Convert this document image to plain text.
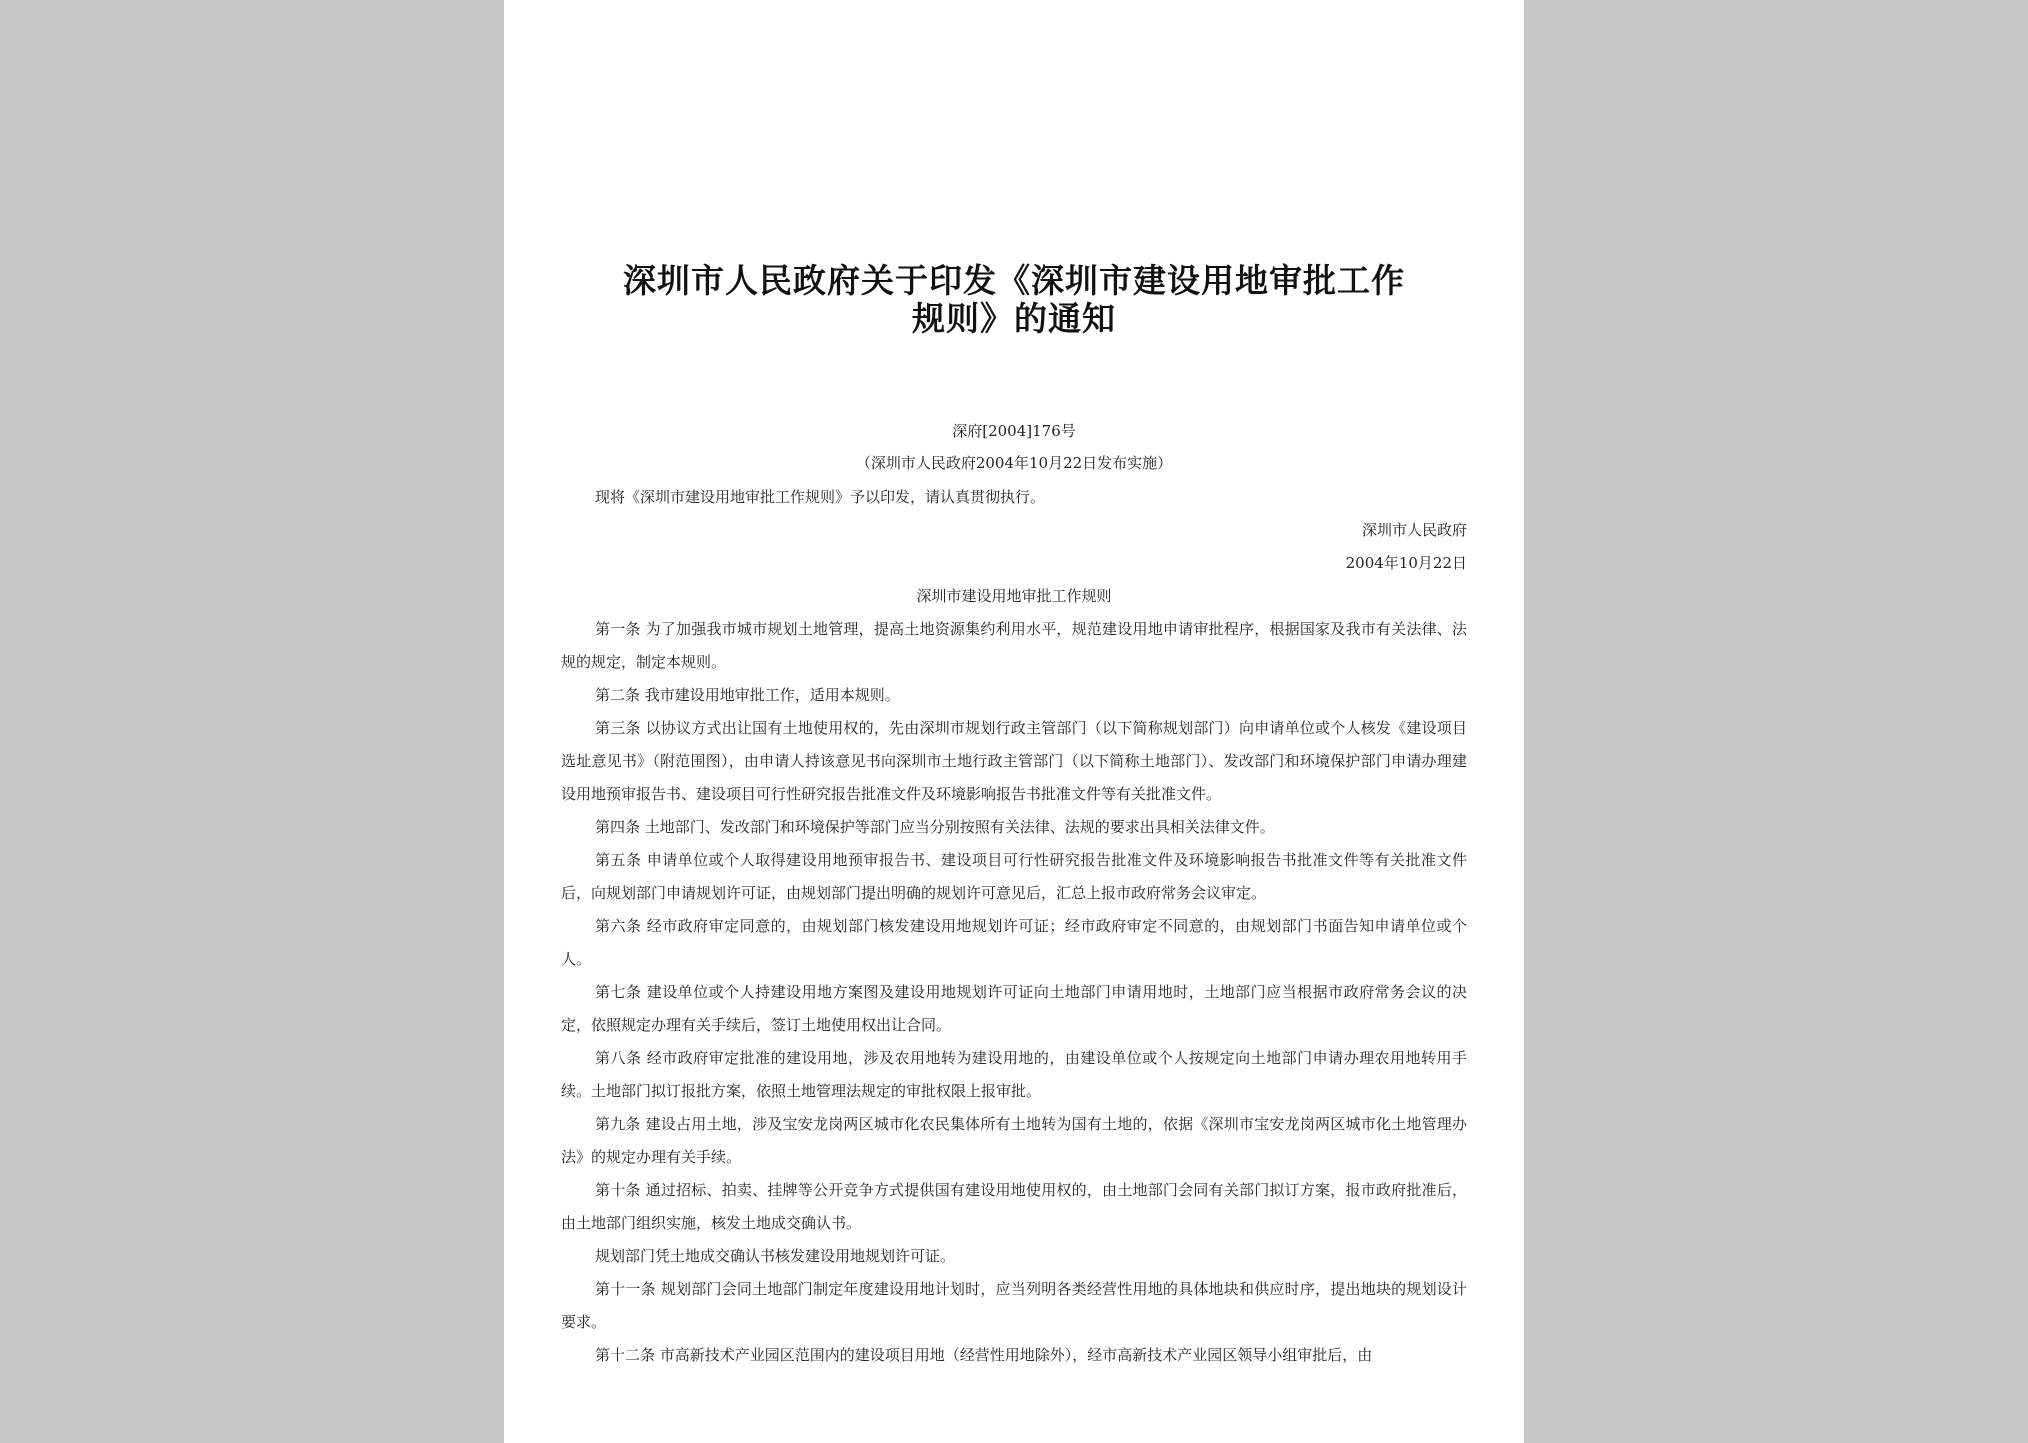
深圳市人民政府关于印发《深圳市建设用地审批工作
规则》的通知
深府[2004]176号
（深圳市人民政府2004年10月22日发布实施）
现将《深圳市建设用地审批工作规则》予以印发，请认真贯彻执行。
深圳市人民政府
2004年10月22日
深圳市建设用地审批工作规则
第一条 为了加强我市城市规划土地管理，提高土地资源集约利用水平，规范建设用地申请审批程序，根据国家及我市有关法律、法规的规定，制定本规则。
第二条 我市建设用地审批工作，适用本规则。
第三条 以协议方式出让国有土地使用权的，先由深圳市规划行政主管部门（以下简称规划部门）向申请单位或个人核发《建设项目选址意见书》（附范围图），由申请人持该意见书向深圳市土地行政主管部门（以下简称土地部门）、发改部门和环境保护部门申请办理建设用地预审报告书、建设项目可行性研究报告批准文件及环境影响报告书批准文件等有关批准文件。
第四条 土地部门、发改部门和环境保护等部门应当分别按照有关法律、法规的要求出具相关法律文件。
第五条 申请单位或个人取得建设用地预审报告书、建设项目可行性研究报告批准文件及环境影响报告书批准文件等有关批准文件后，向规划部门申请规划许可证，由规划部门提出明确的规划许可意见后，汇总上报市政府常务会议审定。
第六条 经市政府审定同意的，由规划部门核发建设用地规划许可证；经市政府审定不同意的，由规划部门书面告知申请单位或个人。
第七条 建设单位或个人持建设用地方案图及建设用地规划许可证向土地部门申请用地时，土地部门应当根据市政府常务会议的决定，依照规定办理有关手续后，签订土地使用权出让合同。
第八条 经市政府审定批准的建设用地，涉及农用地转为建设用地的，由建设单位或个人按规定向土地部门申请办理农用地转用手续。土地部门拟订报批方案，依照土地管理法规定的审批权限上报审批。
第九条 建设占用土地，涉及宝安龙岗两区城市化农民集体所有土地转为国有土地的，依据《深圳市宝安龙岗两区城市化土地管理办法》的规定办理有关手续。
第十条 通过招标、拍卖、挂牌等公开竞争方式提供国有建设用地使用权的，由土地部门会同有关部门拟订方案，报市政府批准后，由土地部门组织实施，核发土地成交确认书。
规划部门凭土地成交确认书核发建设用地规划许可证。
第十一条 规划部门会同土地部门制定年度建设用地计划时，应当列明各类经营性用地的具体地块和供应时序，提出地块的规划设计要求。
第十二条 市高新技术产业园区范围内的建设项目用地（经营性用地除外），经市高新技术产业园区领导小组审批后，由
